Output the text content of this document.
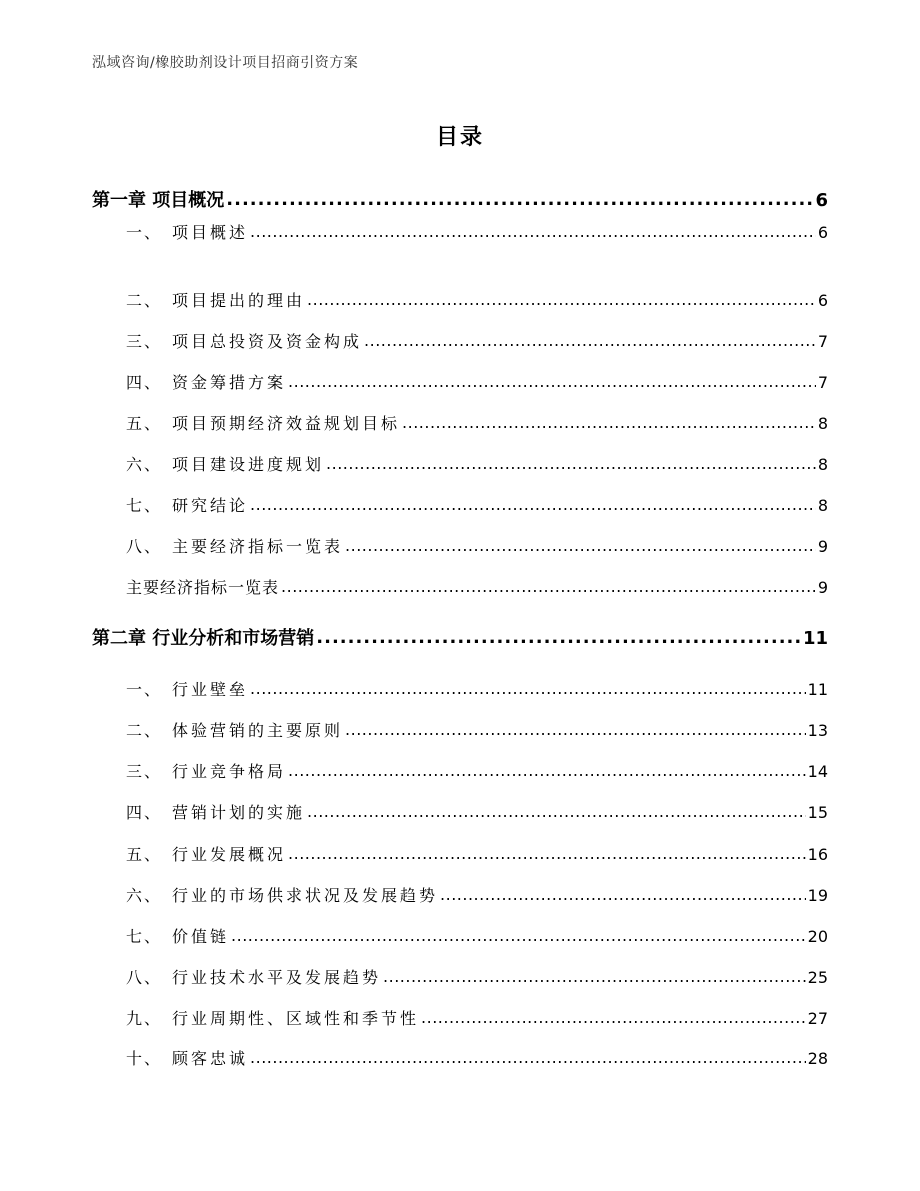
泓域咨询/橡胶助剂设计项目招商引资方案
目录
第一章 项目概况 .....	6
一、 项目概述 .....	6
二、 项目提出的理由 .....	6
三、 项目总投资及资金构成 .....	7
四、 资金筹措方案 .....	7
五、 项目预期经济效益规划目标 .....	8
六、 项目建设进度规划 .....	8
七、 研究结论 .....	8
八、 主要经济指标一览表 .....	9
主要经济指标一览表 .....	9
第二章 行业分析和市场营销 .....	11
一、 行业壁垒 .....	11
二、 体验营销的主要原则 .....	13
三、 行业竞争格局 .....	14
四、 营销计划的实施 .....	15
五、 行业发展概况 .....	16
六、 行业的市场供求状况及发展趋势 .....	19
七、 价值链 .....	20
八、 行业技术水平及发展趋势 .....	25
九、 行业周期性、区域性和季节性 .....	27
十、 顾客忠诚 .....	28
